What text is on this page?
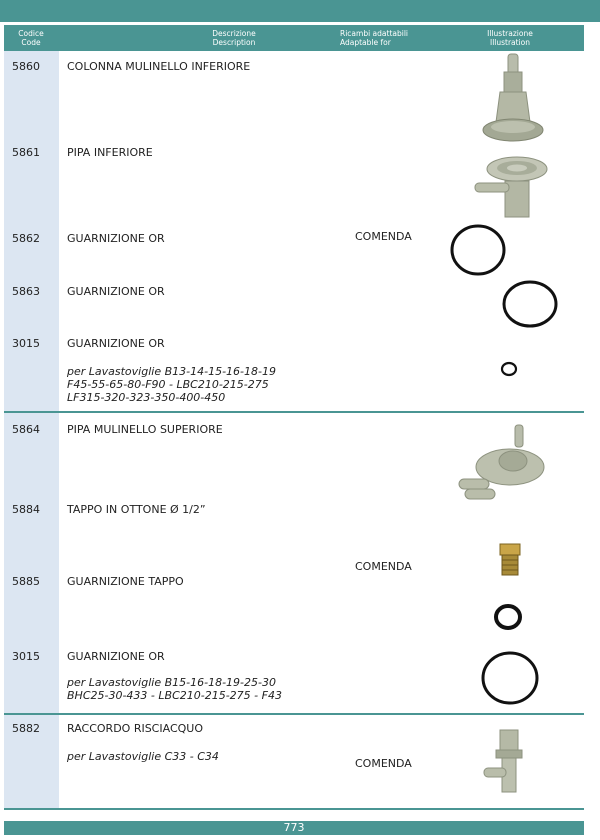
Codice
Code
Descrizione
Description
Ricambi adattabili
Adaptable for
Illustrazione
Illustration
5860 COLONNA MULINELLO INFERIORE
5861 PIPA INFERIORE
5862 GUARNIZIONE OR	COMENDA
5863 GUARNIZIONE OR
3015 GUARNIZIONE OR
per Lavastoviglie B13-14-15-16-18-19
F45-55-65-80-F90 - LBC210-215-275
LF315-320-323-350-400-450
5864 PIPA MULINELLO SUPERIORE
5884 TAPPO IN OTTONE Ø 1/2”
COMENDA
5885 GUARNIZIONE TAPPO
3015 GUARNIZIONE OR
per Lavastoviglie B15-16-18-19-25-30
BHC25-30-433 - LBC210-215-275 - F43
5882 RACCORDO RISCIACQUO
per Lavastoviglie C33 - C34
COMENDA
773
